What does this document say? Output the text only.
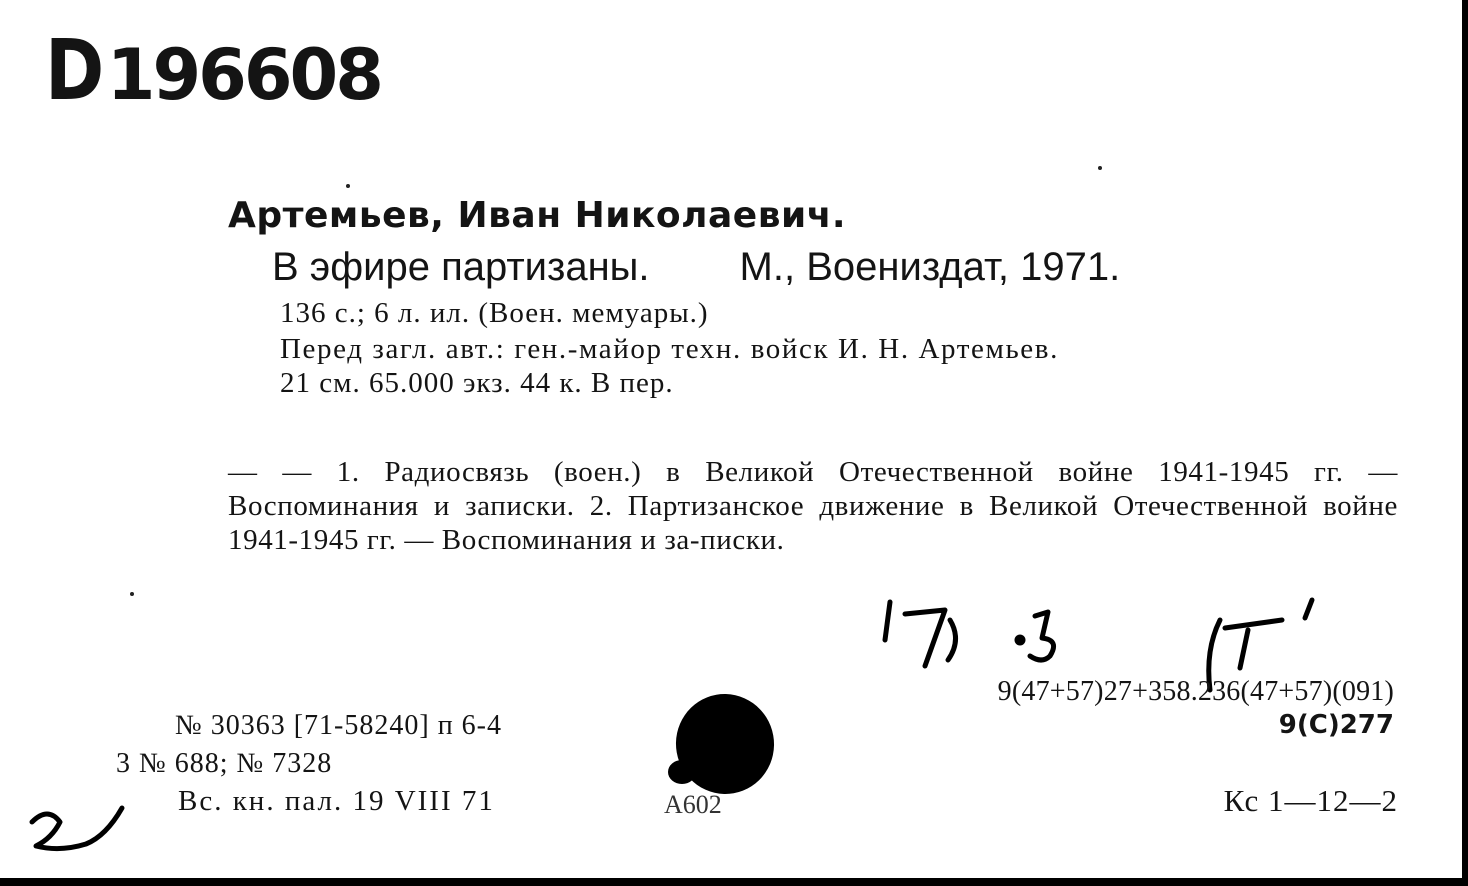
D196608
Артемьев, Иван Николаевич.
В эфире партизаны. М., Воениздат, 1971.
136 с.; 6 л. ил. (Воен. мемуары.)
Перед загл. авт.: ген.-майор техн. войск И. Н. Артемьев.
21 см. 65.000 экз. 44 к. В пер.
— — 1. Радиосвязь (воен.) в Великой Отечественной войне 1941-1945 гг. — Воспоминания и записки. 2. Партизанское движение в Великой Отечественной войне 1941-1945 гг. — Воспоминания и за-писки.
9(47+57)27+358.236(47+57)(091)
9(С)277
№ 30363 [71-58240] п 6-4
3 № 688; № 7328
Вс. кн. пал. 19 VIII 71	А602	Кс 1—12—2
